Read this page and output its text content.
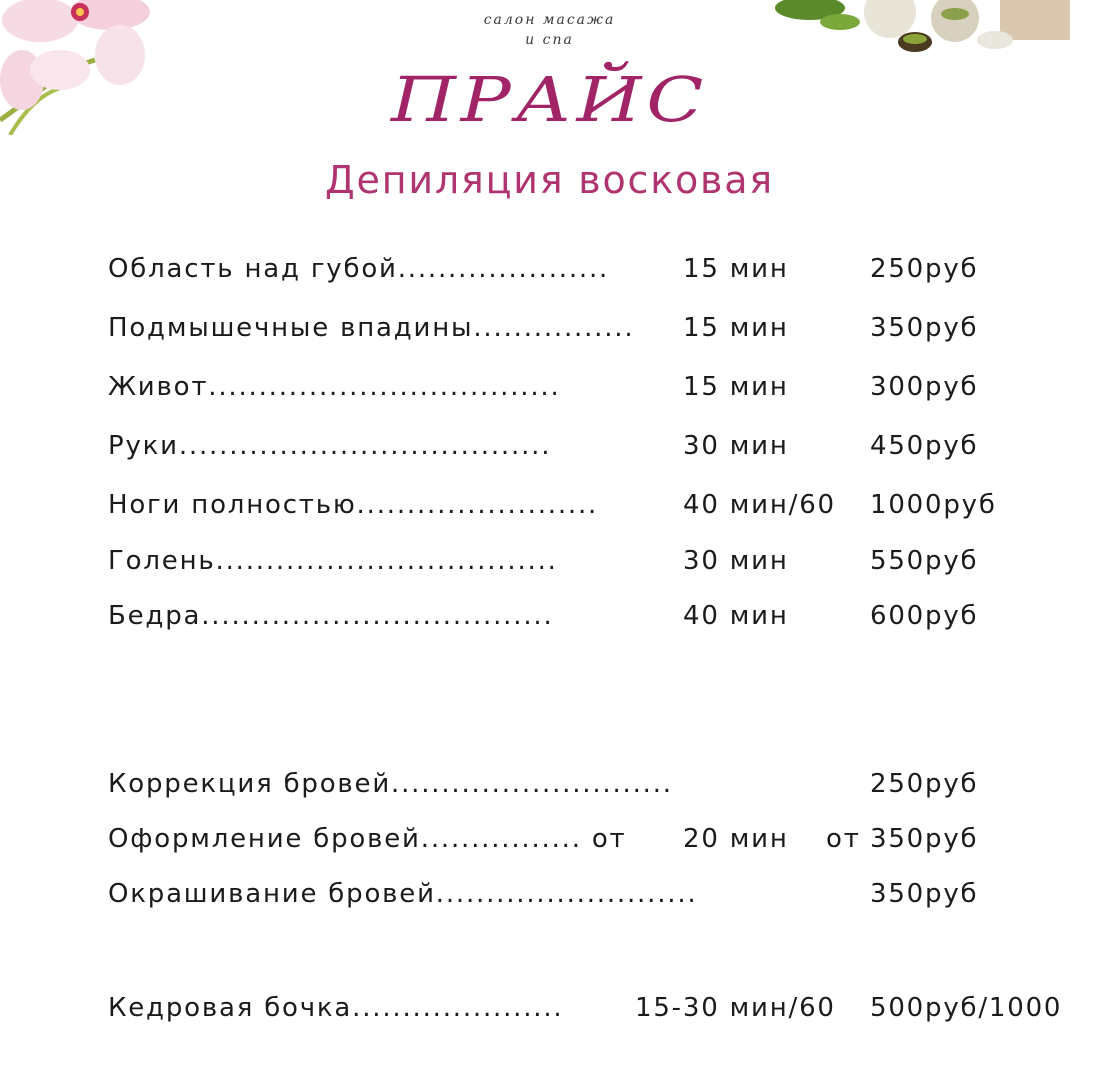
салон масажа
и спа
ПРАЙС
Депиляция восковая
Область над губой.....................	15 мин	250руб
Подмышечные впадины................ 15 мин	350руб
Живот...................................	15 мин	300руб
Руки.....................................	30 мин	450руб
Ноги полностью........................	40 мин/60 1000руб
Голень..................................	30 мин	550руб
Бедра...................................	40 мин	600руб
Коррекция бровей............................	250руб
Оформление бровей................ от 20 мин от 350руб
Окрашивание бровей..........................	350руб
Кедровая бочка.....................	15-30 мин/60 500руб/1000
